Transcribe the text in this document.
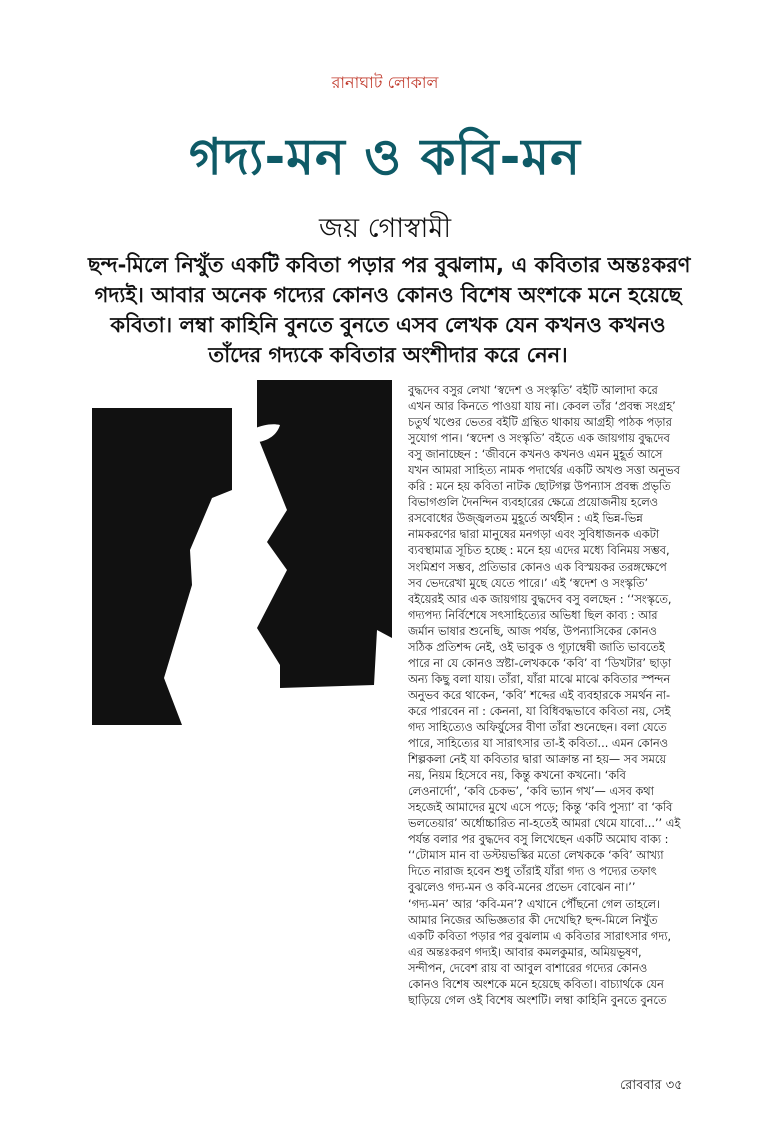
রানাঘাট লোকাল
গদ্য-মন ও কবি-মন
জয় গোস্বামী
ছন্দ-মিলে নিখুঁত একটি কবিতা পড়ার পর বুঝলাম, এ কবিতার অন্তঃকরণ
গদ্যই। আবার অনেক গদ্যের কোনও কোনও বিশেষ অংশকে মনে হয়েছে
কবিতা। লম্বা কাহিনি বুনতে বুনতে এসব লেখক যেন কখনও কখনও
তাঁদের গদ্যকে কবিতার অংশীদার করে নেন।
বুদ্ধদেব বসুর লেখা ‘স্বদেশ ও সংস্কৃতি’ বইটি আলাদা করে
এখন আর কিনতে পাওয়া যায় না। কেবল তাঁর ‘প্রবন্ধ সংগ্রহ’
চতুর্থ খণ্ডের ভেতর বইটি গ্রন্থিত থাকায় আগ্রহী পাঠক পড়ার
সুযোগ পান। ‘স্বদেশ ও সংস্কৃতি’ বইতে এক জায়গায় বুদ্ধদেব
বসু জানাচ্ছেন : ‘জীবনে কখনও কখনও এমন মুহূর্ত আসে
যখন আমরা সাহিত্য নামক পদার্থের একটি অখণ্ড সত্তা অনুভব
করি : মনে হয় কবিতা নাটক ছোটগল্প উপন্যাস প্রবন্ধ প্রভৃতি
বিভাগগুলি দৈনন্দিন ব্যবহারের ক্ষেত্রে প্রয়োজনীয় হলেও
রসবোধের উজ্জ্বলতম মুহূর্তে অর্থহীন : এই ভিন্ন-ভিন্ন
নামকরণের দ্বারা মানুষের মনগড়া এবং সুবিধাজনক একটা
ব্যবস্থামাত্র সূচিত হচ্ছে : মনে হয় এদের মধ্যে বিনিময় সম্ভব,
সংমিশ্রণ সম্ভব, প্রতিভার কোনও এক বিস্ময়কর তরঙ্গক্ষেপে
সব ভেদরেখা মুছে যেতে পারে।’ এই ‘স্বদেশ ও সংস্কৃতি’
বইয়েরই আর এক জায়গায় বুদ্ধদেব বসু বলছেন : ‘‘সংস্কৃতে,
গদ্যপদ্য নির্বিশেষে সৎসাহিত্যের অভিধা ছিল কাব্য : আর
জর্মান ভাষার শুনেছি, আজ পর্যন্ত, উপন্যাসিকের কোনও
সঠিক প্রতিশব্দ নেই, ওই ভাবুক ও গূঢ়াম্বেষী জাতি ভাবতেই
পারে না যে কোনও স্রষ্টা-লেখককে ‘কবি’ বা ‘ডিখটার’ ছাড়া
অন্য কিছু বলা যায়। তাঁরা, যাঁরা মাঝে মাঝে কবিতার স্পন্দন
অনুভব করে থাকেন, ‘কবি’ শব্দের এই ব্যবহারকে সমর্থন না-
করে পারবেন না : কেননা, যা বিধিবদ্ধভাবে কবিতা নয়, সেই
গদ্য সাহিত্যেও অফির্য়ুসের বীণা তাঁরা শুনেছেন। বলা যেতে
পারে, সাহিত্যের যা সারাৎসার তা-ই কবিতা... এমন কোনও
শিল্পকলা নেই যা কবিতার দ্বারা আক্রান্ত না হয়— সব সময়ে
নয়, নিয়ম হিসেবে নয়, কিন্তু কখনো কখনো। ‘কবি
লেওনার্দো’, ‘কবি চেকভ’, ‘কবি ভ্যান গখ’— এসব কথা
সহজেই আমাদের মুখে এসে পড়ে; কিন্তু ‘কবি পুস্যা’ বা ‘কবি
ভলতেয়ার’ অর্ধোচ্চারিত না-হতেই আমরা থেমে যাবো...’’ এই
পর্যন্ত বলার পর বুদ্ধদেব বসু লিখেছেন একটি অমোঘ বাক্য :
‘‘টোমাস মান বা ডস্টয়ভস্কির মতো লেখককে ‘কবি’ আখ্যা
দিতে নারাজ হবেন শুধু তাঁরাই যাঁরা গদ্য ও পদ্যের তফাৎ
বুঝলেও গদ্য-মন ও কবি-মনের প্রভেদ বোঝেন না।’’
‘গদ্য-মন’ আর ‘কবি-মন’? এখানে পৌঁছনো গেল তাহলে।
আমার নিজের অভিজ্ঞতার কী দেখেছি? ছন্দ-মিলে নিখুঁত
একটি কবিতা পড়ার পর বুঝলাম এ কবিতার সারাৎসার গদ্য,
এর অন্তঃকরণ গদ্যই। আবার কমলকুমার, অমিয়ভূষণ,
সন্দীপন, দেবেশ রায় বা আবুল বাশারের গদ্যের কোনও
কোনও বিশেষ অংশকে মনে হয়েছে কবিতা। বাচ্যার্থকে যেন
ছাড়িয়ে গেল ওই বিশেষ অংশটি। লম্বা কাহিনি বুনতে বুনতে
রোববার ৩৫
